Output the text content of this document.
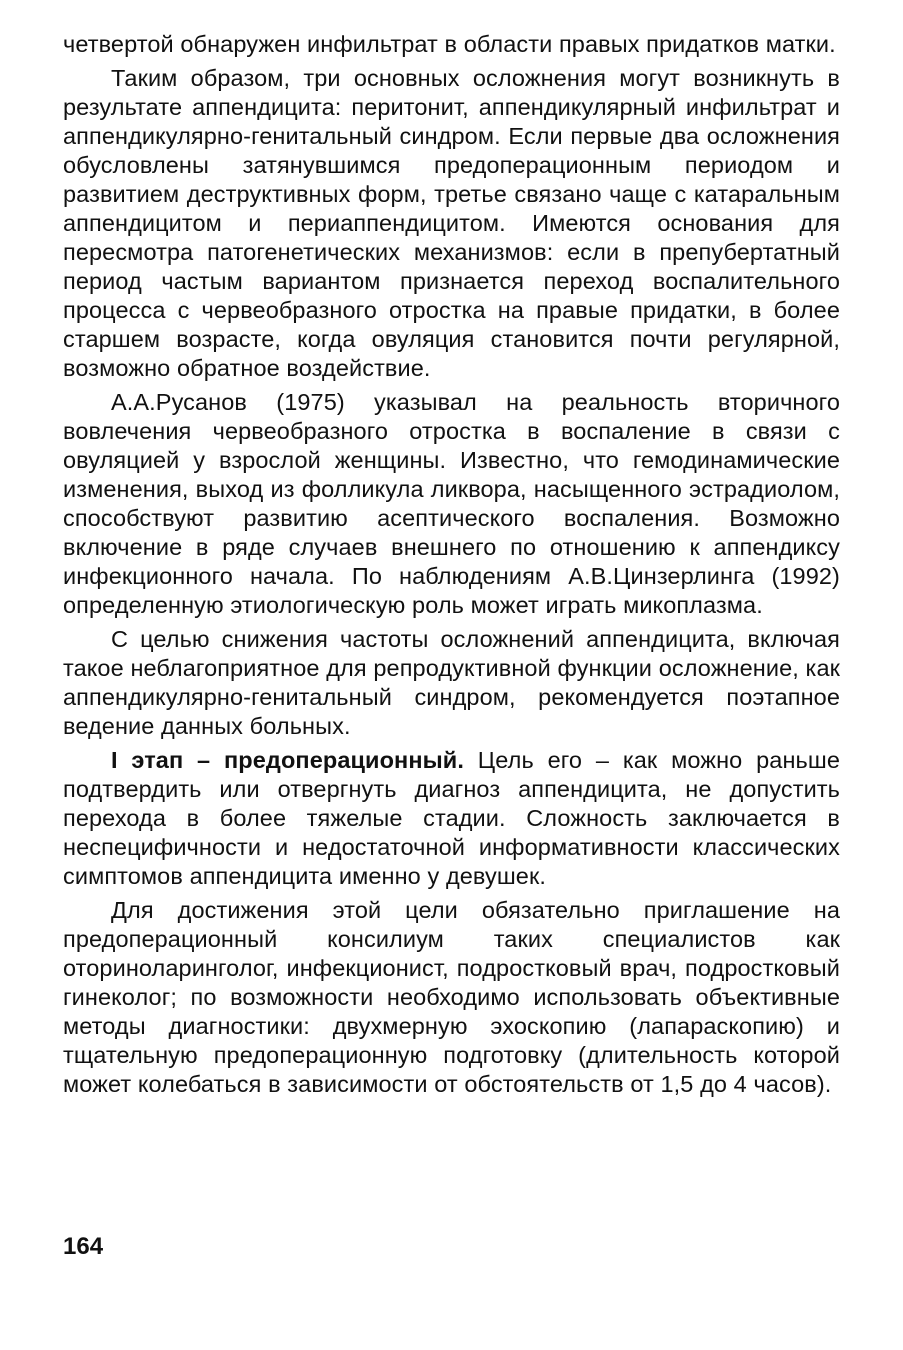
четвертой обнаружен инфильтрат в области правых придатков матки.

Таким образом, три основных осложнения могут возникнуть в результате аппендицита: перитонит, аппендикулярный инфильтрат и аппендикулярно-генитальный синдром. Если первые два осложнения обусловлены затянувшимся предоперационным периодом и развитием деструктивных форм, третье связано чаще с катаральным аппендицитом и периаппендицитом. Имеются основания для пересмотра патогенетических механизмов: если в препубертатный период частым вариантом признается переход воспалительного процесса с червеобразного отростка на правые придатки, в более старшем возрасте, когда овуляция становится почти регулярной, возможно обратное воздействие.

А.А.Русанов (1975) указывал на реальность вторичного вовлечения червеобразного отростка в воспаление в связи с овуляцией у взрослой женщины. Известно, что гемодинамические изменения, выход из фолликула ликвора, насыщенного эстрадиолом, способствуют развитию асептического воспаления. Возможно включение в ряде случаев внешнего по отношению к аппендиксу инфекционного начала. По наблюдениям А.В.Цинзерлинга (1992) определенную этиологическую роль может играть микоплазма.

С целью снижения частоты осложнений аппендицита, включая такое неблагоприятное для репродуктивной функции осложнение, как аппендикулярно-генитальный синдром, рекомендуется поэтапное ведение данных больных.

I этап – предоперационный. Цель его – как можно раньше подтвердить или отвергнуть диагноз аппендицита, не допустить перехода в более тяжелые стадии. Сложность заключается в неспецифичности и недостаточной информативности классических симптомов аппендицита именно у девушек.

Для достижения этой цели обязательно приглашение на предоперационный консилиум таких специалистов как оториноларинголог, инфекционист, подростковый врач, подростковый гинеколог; по возможности необходимо использовать объективные методы диагностики: двухмерную эхоскопию (лапараскопию) и тщательную предоперационную подготовку (длительность которой может колебаться в зависимости от обстоятельств от 1,5 до 4 часов).

164
